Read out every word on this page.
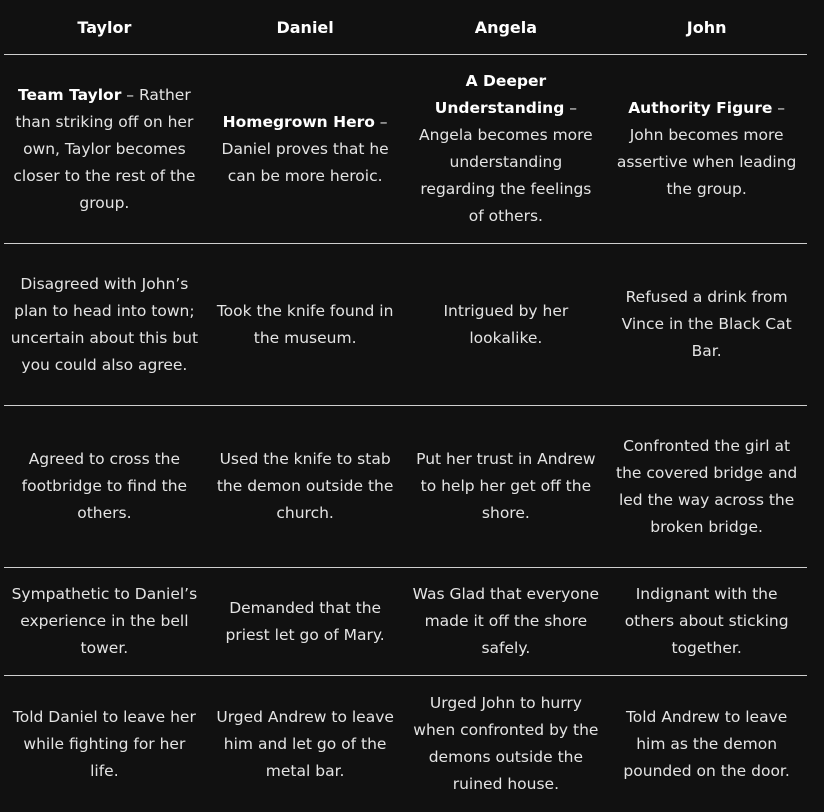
Taylor	Daniel	Angela	John
Team Taylor – Rather than striking off on her own, Taylor becomes closer to the rest of the group.	Homegrown Hero – Daniel proves that he can be more heroic.	A Deeper Understanding – Angela becomes more understanding regarding the feelings of others.	Authority Figure – John becomes more assertive when leading the group.
Disagreed with John’s plan to head into town; uncertain about this but you could also agree.	Took the knife found in the museum.	Intrigued by her lookalike.	Refused a drink from Vince in the Black Cat Bar.
Agreed to cross the footbridge to find the others.	Used the knife to stab the demon outside the church.	Put her trust in Andrew to help her get off the shore.	Confronted the girl at the covered bridge and led the way across the broken bridge.
Sympathetic to Daniel’s experience in the bell tower.	Demanded that the priest let go of Mary.	Was Glad that everyone made it off the shore safely.	Indignant with the others about sticking together.
Told Daniel to leave her while fighting for her life.	Urged Andrew to leave him and let go of the metal bar.	Urged John to hurry when confronted by the demons outside the ruined house.	Told Andrew to leave him as the demon pounded on the door.
